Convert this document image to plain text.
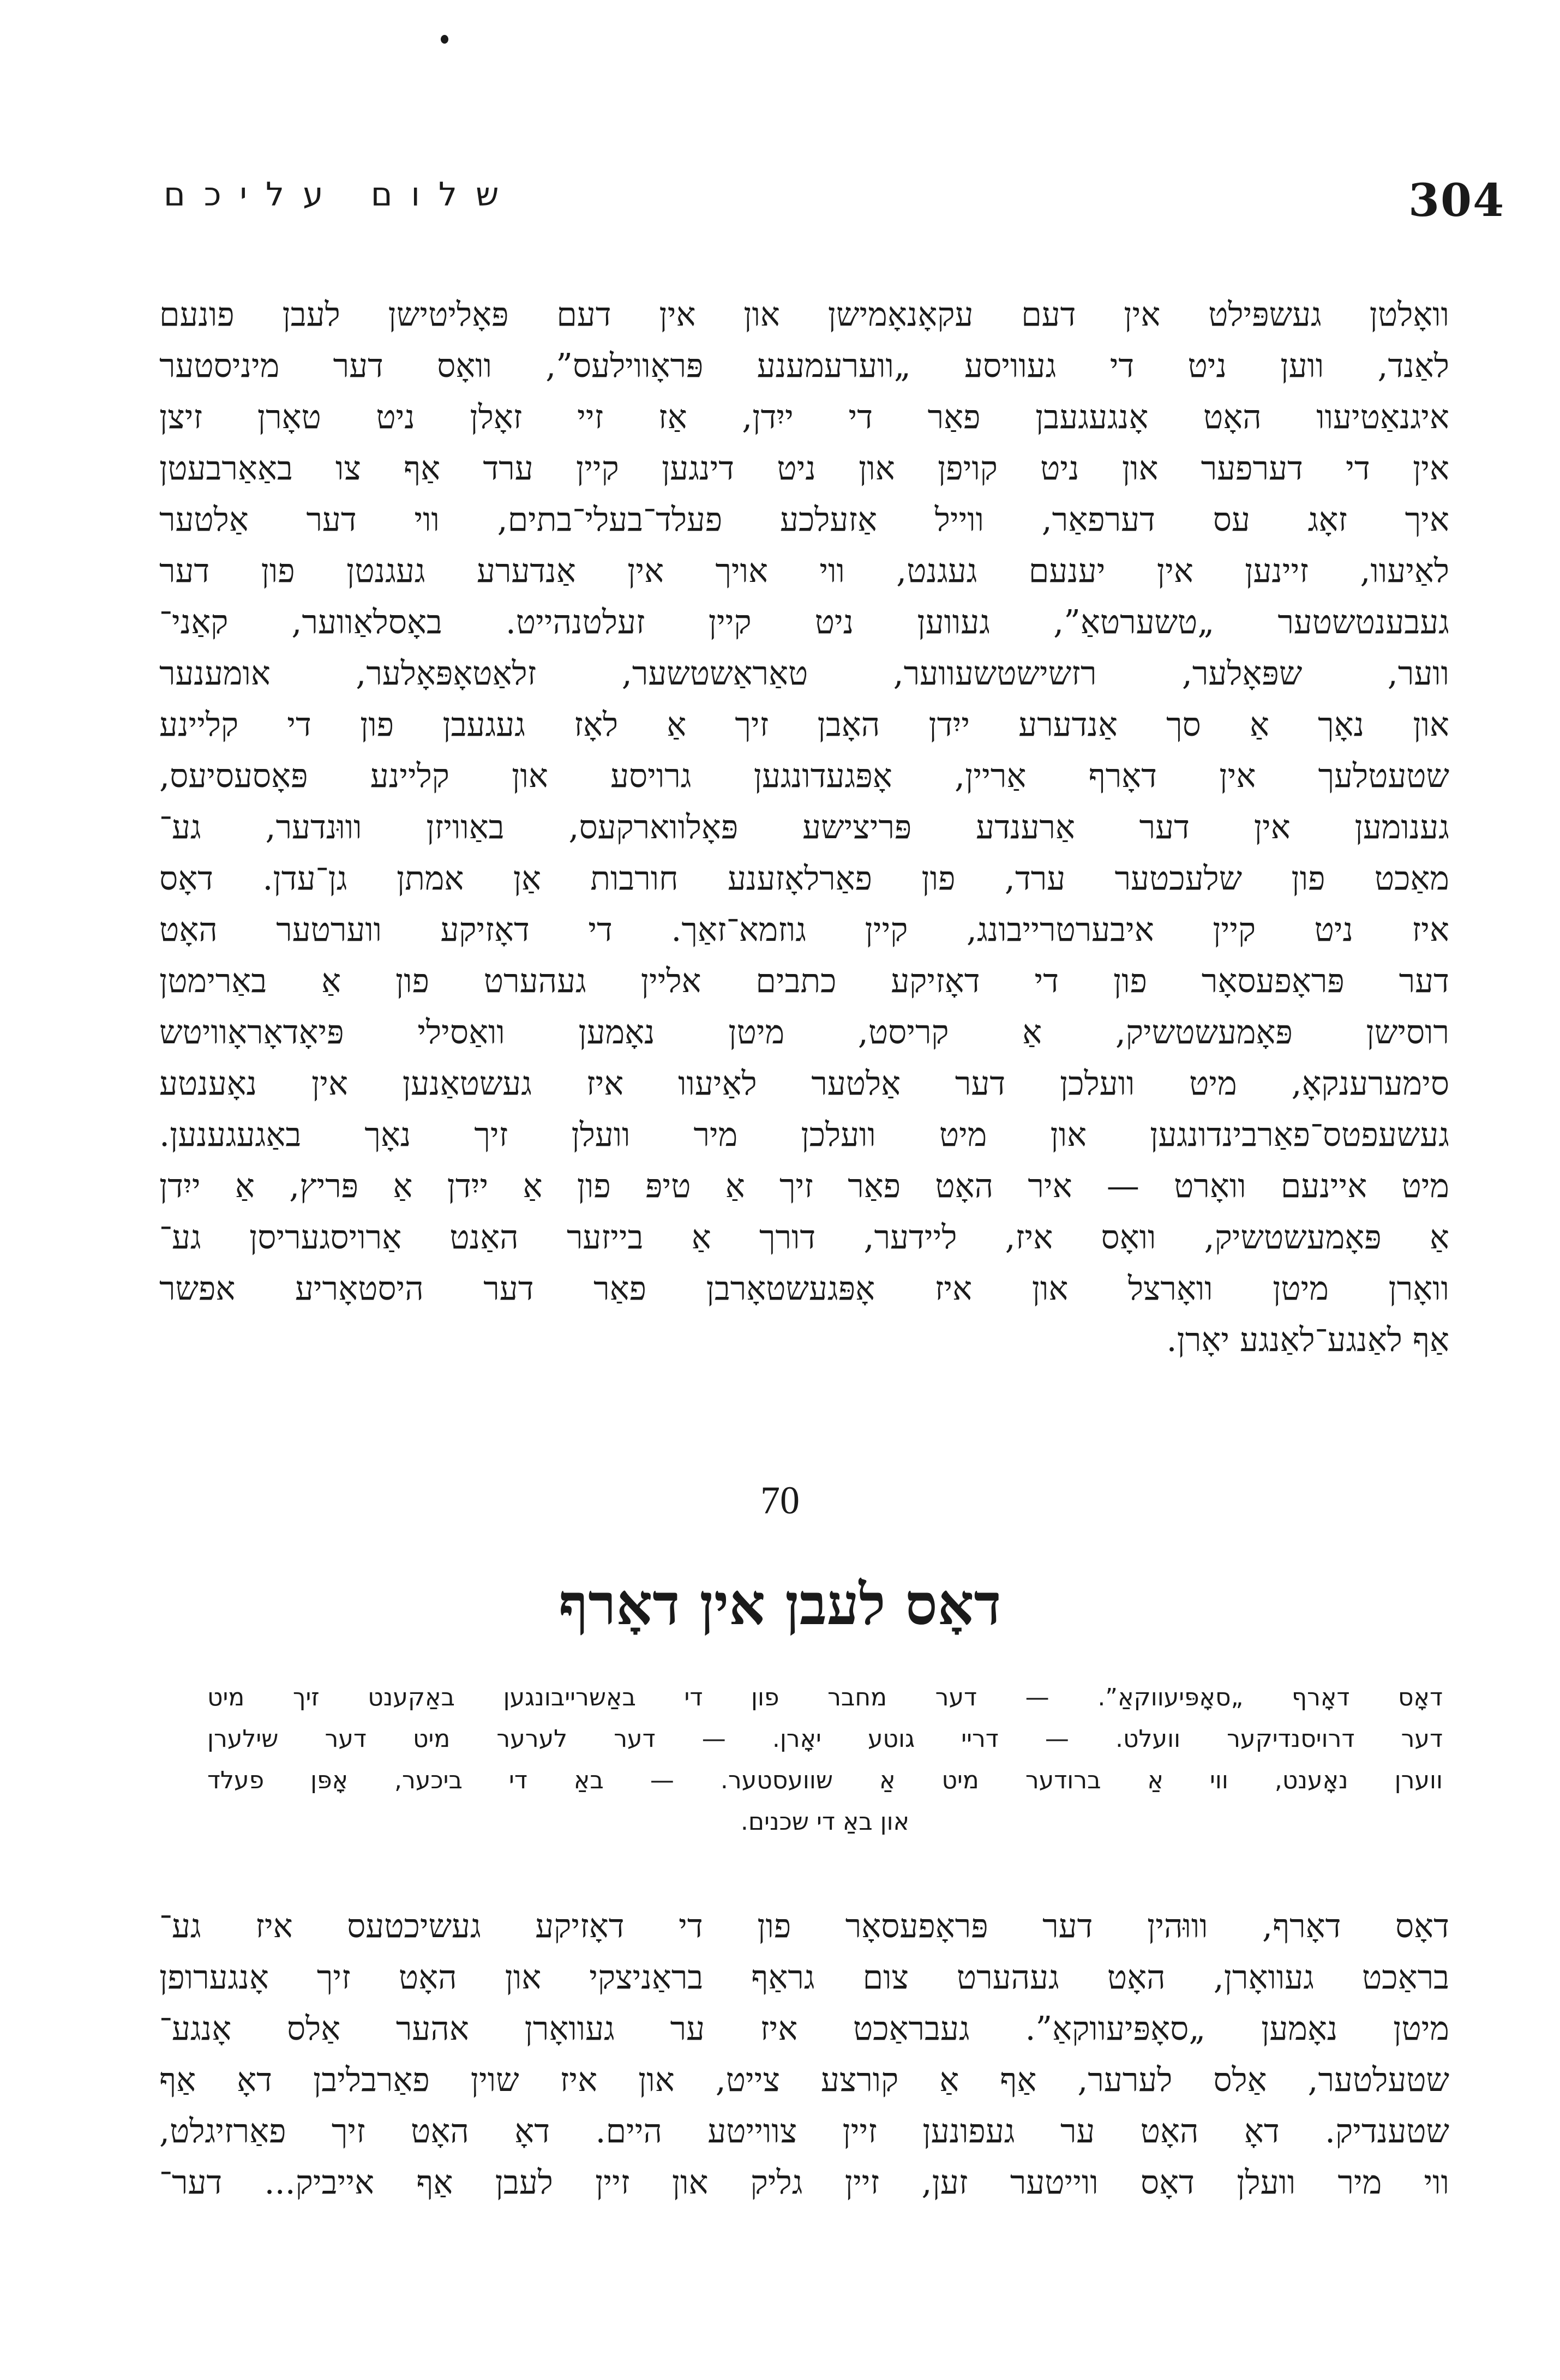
שלום עליכם	304
וואָלטן געשפּילט אין דעם עקאָנאָמישן און אין דעם פּאָליטישן לעבן פונעם
לאַנד, ווען ניט די געוויסע „ווערעמענע פּראָווילעס”, וואָס דער מיניסטער
איגנאַטיעוו האָט אָנגעגעבן פאַר די ייִדן, אַז זיי זאָלן ניט טאָרן זיצן
אין די דערפער און ניט קויפן און ניט דינגען קיין ערד אַף צו באַאַרבעטן
איך זאָג עס דערפאַר, ווייל אַזעלכע פעלד־בעלי־בתים, ווי דער אַלטער
לאַיעוו, זיינען אין יענעם געגנט, ווי אויך אין אַנדערע געגנטן פון דער
געבענטשטער „טשערטאַ”, געווען ניט קיין זעלטנהייט. באָסלאַווער, קאַני־
ווער, שפּאָלער, רזשישטשעווער, טאַראַשטשער, זלאַטאָפּאָלער, אומענער
און נאָך אַ סך אַנדערע ייִדן האָבן זיך אַ לאָז געגעבן פון די קליינע
שטעטלעך אין דאָרף אַריין, אָפּגעדונגען גרויסע און קליינע פּאָסעסיעס,
גענומען אין דער אַרענדע פּריצישע פּאָלווארקעס, באַוויזן וווּנדער, גע־
מאַכט פון שלעכטער ערד, פון פאַרלאָזענע חורבות אַן אמתן גן־עדן. דאָס
איז ניט קיין איבערטרייבונג, קיין גוזמא־זאַך. די דאָזיקע ווערטער האָט
דער פּראָפעסאָר פון די דאָזיקע כתבים אליין געהערט פון אַ באַרימטן
רוסישן פּאָמעשטשיק, אַ קריסט, מיטן נאָמען וואַסילי פּיאָדאָראָוויטש
סימערענקאָ, מיט וועלכן דער אַלטער לאַיעוו איז געשטאַנען אין נאָענטע
געשעפטס־פאַרבינדונגען און מיט וועלכן מיר וועלן זיך נאָך באַגעגענען.
מיט איינעם וואָרט — איר האָט פאַר זיך אַ טיפּ פון אַ ייִדן אַ פּריץ, אַ ייִדן
אַ פּאָמעשטשיק, וואָס איז, ליידער, דורך אַ בייזער האַנט אַרויסגעריסן גע־
וואָרן מיטן וואָרצל און איז אָפּגעשטאָרבן פאַר דער היסטאָריע אפשר
אַף לאַנגע־לאַנגע יאָרן.
70
דאָס לעבן אין דאָרף
דאָס דאָרף „סאָפּיעווקאַ”. — דער מחבר פון די באַשרייבונגען באַקענט זיך מיט
דער דרויסנדיקער וועלט. — דריי גוטע יאָרן. — דער לערער מיט דער שילערן
ווערן נאָענט, ווי אַ ברודער מיט אַ שוועסטער. — באַ די ביכער, אָפּן פעלד
און באַ די שכנים.
דאָס דאָרף, וווּהין דער פּראָפעסאָר פון די דאָזיקע געשיכטעס איז גע־
בראַכט געוואָרן, האָט געהערט צום גראַף בראַניצקי און האָט זיך אָנגערופן
מיטן נאָמען „סאָפּיעווקאַ”. געבראַכט איז ער געוואָרן אהער אַלס אָנגע־
שטעלטער, אַלס לערער, אַף אַ קורצע צייט, און איז שוין פאַרבליבן דאָ אַף
שטענדיק. דאָ האָט ער געפונען זיין צווייטע היים. דאָ האָט זיך פאַרזיגלט,
ווי מיר וועלן דאָס ווייטער זען, זיין גליק און זיין לעבן אַף אייביק... דער־
